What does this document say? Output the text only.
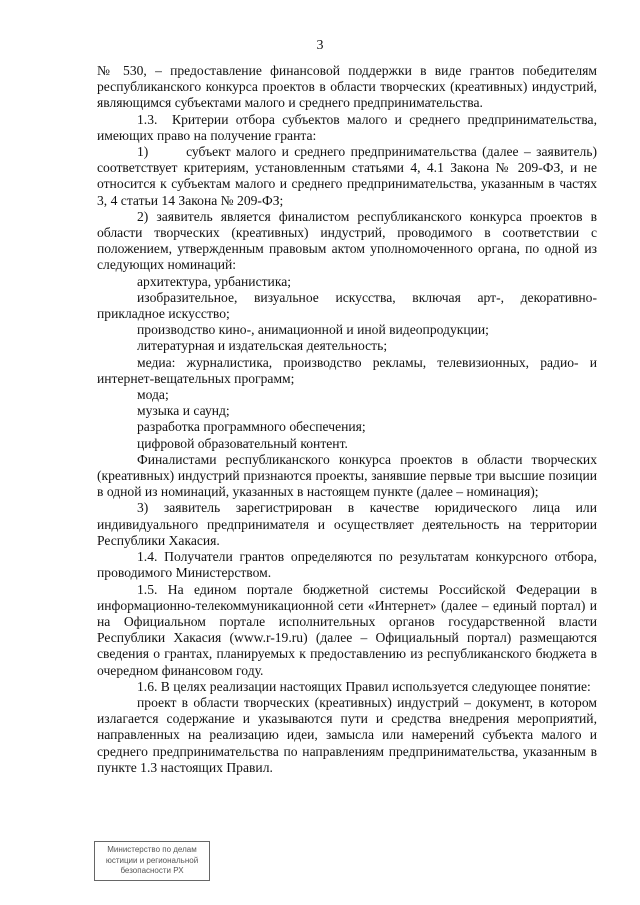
3

№ 530, – предоставление финансовой поддержки в виде грантов победителям республиканского конкурса проектов в области творческих (креативных) индустрий, являющимся субъектами малого и среднего предпринимательства.

1.3.  Критерии отбора субъектов малого и среднего предпринимательства, имеющих право на получение гранта:

1)       субъект малого и среднего предпринимательства (далее – заявитель) соответствует критериям, установленным статьями 4, 4.1 Закона № 209-ФЗ, и не относится к субъектам малого и среднего предпринимательства, указанным в частях 3, 4 статьи 14 Закона № 209-ФЗ;

2) заявитель является финалистом республиканского конкурса проектов в области творческих (креативных) индустрий, проводимого в соответствии с положением, утвержденным правовым актом уполномоченного органа, по одной из следующих номинаций:

архитектура, урбанистика;

изобразительное, визуальное искусства, включая арт-, декоративно-прикладное искусство;

производство кино-, анимационной и иной видеопродукции;

литературная и издательская деятельность;

медиа: журналистика, производство рекламы, телевизионных, радио- и интернет-вещательных программ;

мода;

музыка и саунд;

разработка программного обеспечения;

цифровой образовательный контент.

Финалистами республиканского конкурса проектов в области творческих (креативных) индустрий признаются проекты, занявшие первые три высшие позиции в одной из номинаций, указанных в настоящем пункте (далее – номинация);

3) заявитель зарегистрирован в качестве юридического лица или индивидуального предпринимателя и осуществляет деятельность на территории Республики Хакасия.

1.4. Получатели грантов определяются по результатам конкурсного отбора, проводимого Министерством.

1.5. На едином портале бюджетной системы Российской Федерации в информационно-телекоммуникационной сети «Интернет» (далее – единый портал) и на Официальном портале исполнительных органов государственной власти Республики Хакасия (www.r-19.ru) (далее – Официальный портал) размещаются сведения о грантах, планируемых к предоставлению из республиканского бюджета в очередном финансовом году.

1.6. В целях реализации настоящих Правил используется следующее понятие:

проект в области творческих (креативных) индустрий – документ, в котором излагается содержание и указываются пути и средства внедрения мероприятий, направленных на реализацию идеи, замысла или намерений субъекта малого и среднего предпринимательства по направлениям предпринимательства, указанным в пункте 1.3 настоящих Правил.

Министерство по делам
юстиции и региональной
безопасности РХ
